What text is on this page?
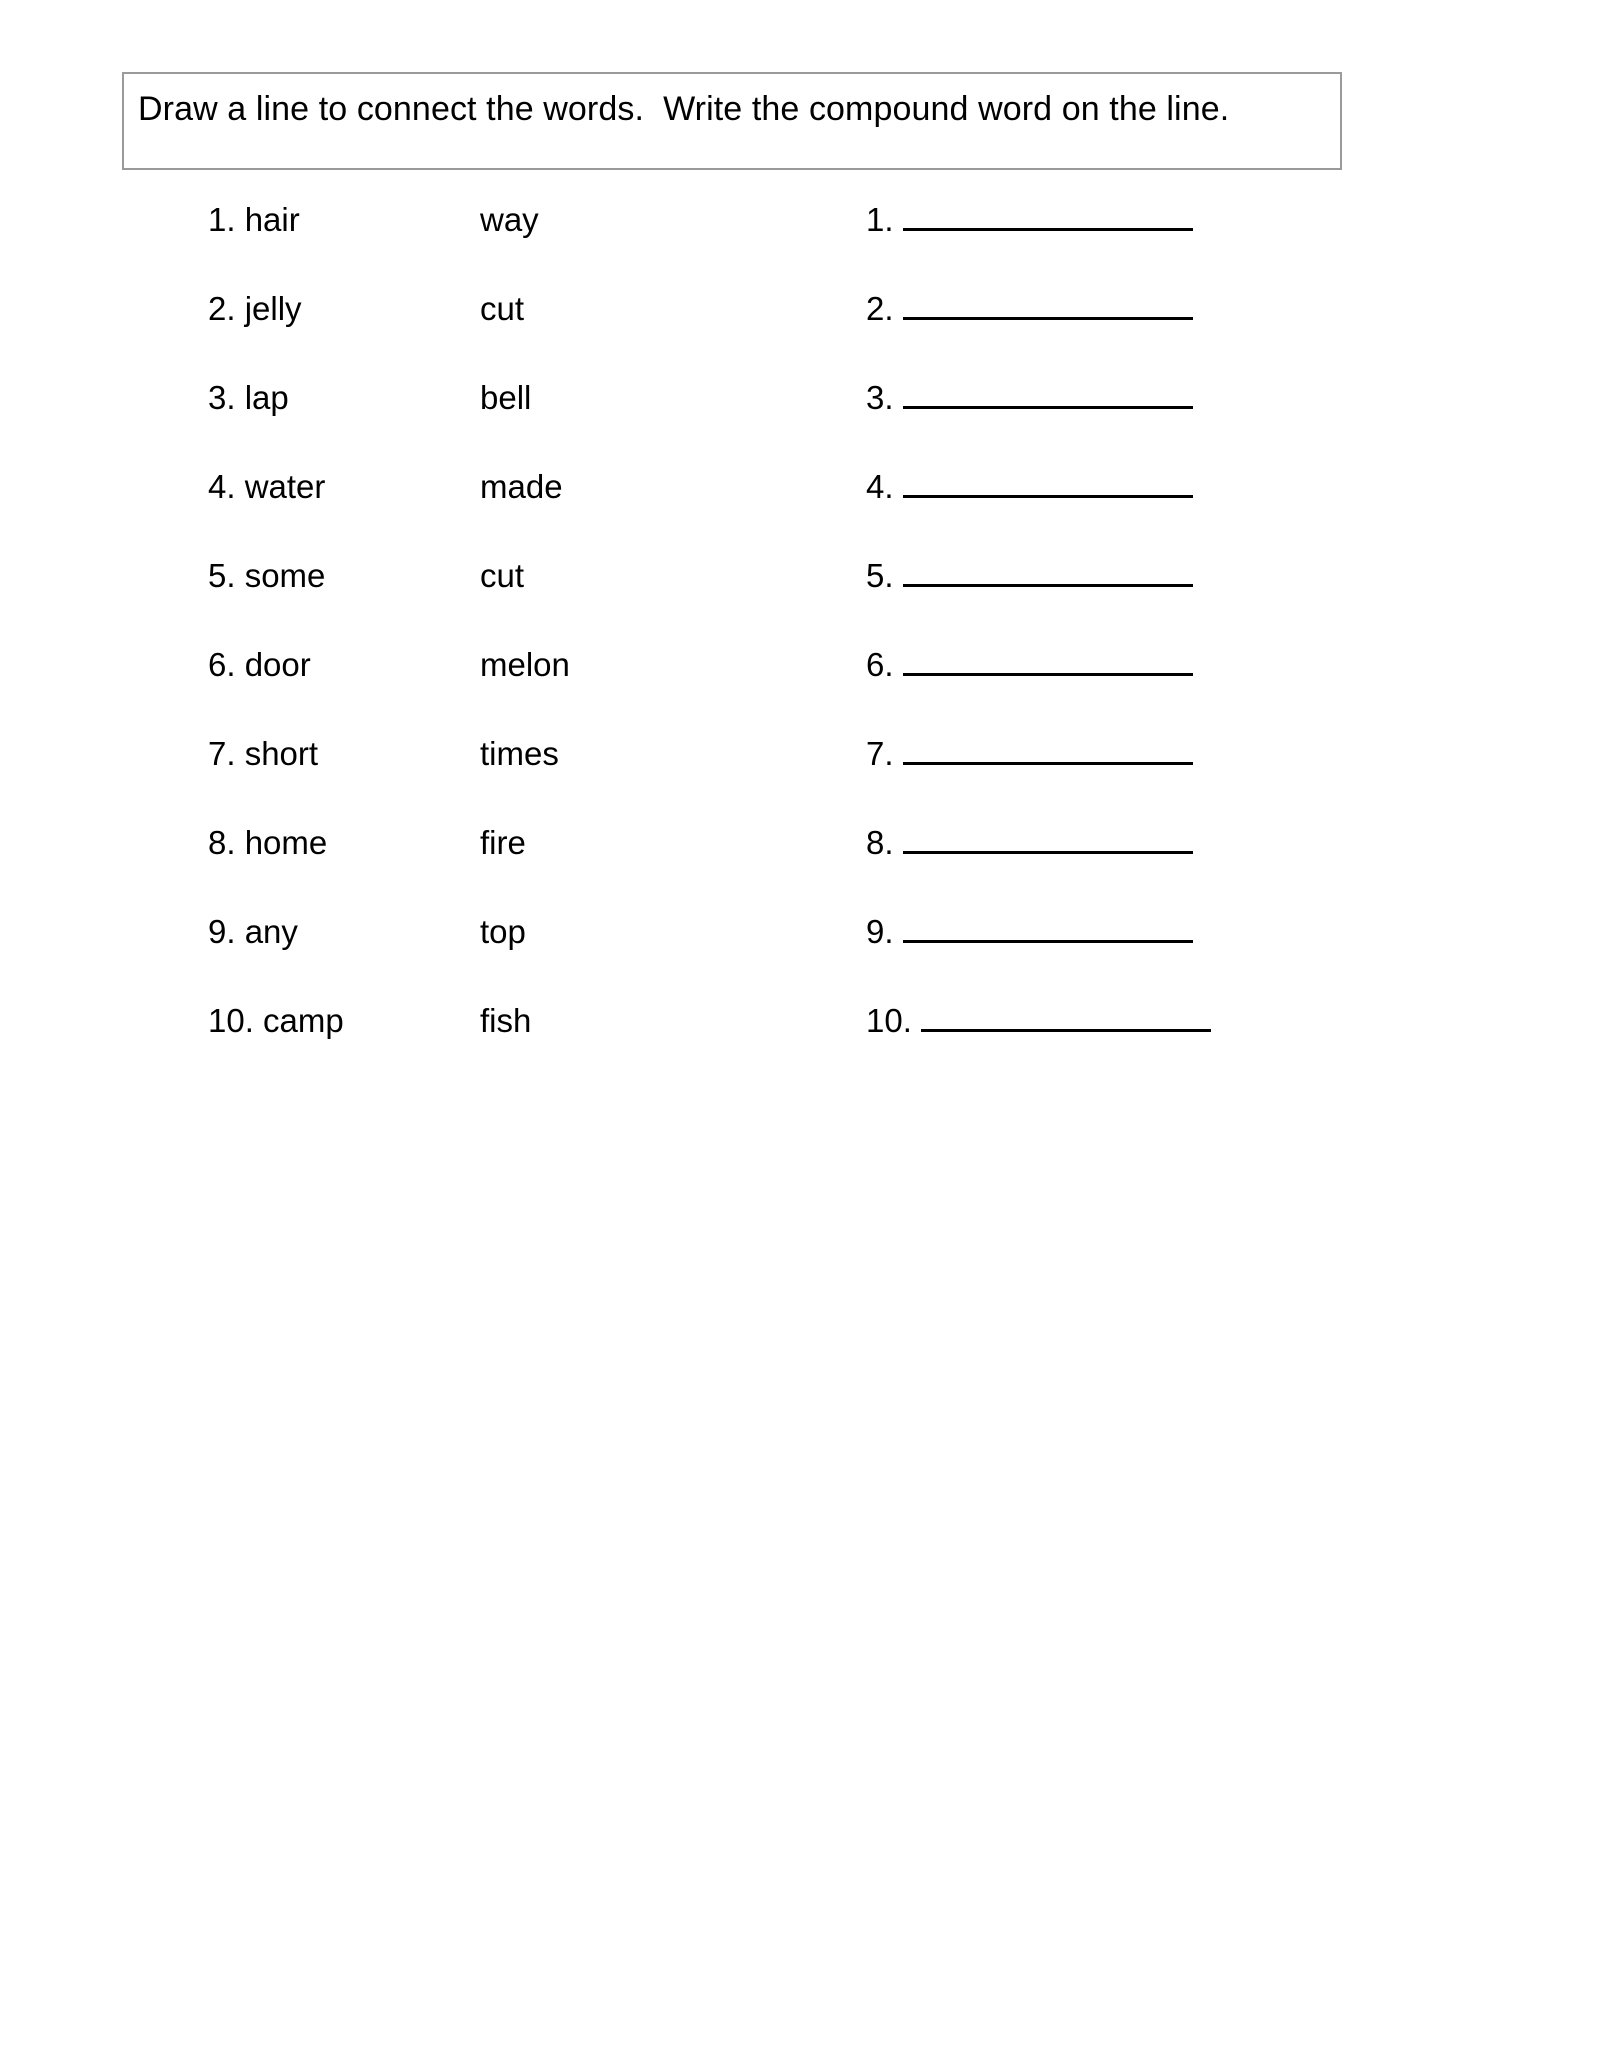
Draw a line to connect the words.  Write the compound word on the line.
1. hair	way	1.
2. jelly	cut	2.
3. lap	bell	3.
4. water	made	4.
5. some	cut	5.
6. door	melon	6.
7. short	times	7.
8. home	fire	8.
9. any	top	9.
10. camp	fish	10.
